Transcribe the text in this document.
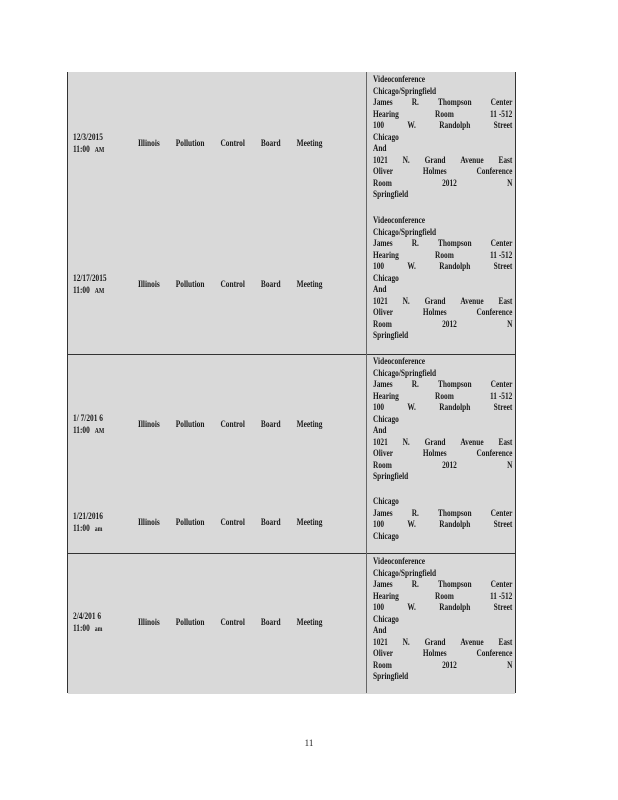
12/3/2015
11:00 AM
Illinois Pollution Control Board Meeting
Videoconference
Chicago/Springfield
James R. Thompson Center
Hearing	Room	11 -512
100	W.	Randolph	Street
Chicago
And
1021 N. Grand Avenue East
Oliver	Holmes	Conference
Room	2012	N
Springfield
12/17/2015
11:00 AM
Illinois Pollution Control Board Meeting
Videoconference
Chicago/Springfield
James R. Thompson Center
Hearing	Room	11 -512
100	W.	Randolph	Street
Chicago
And
1021 N. Grand Avenue East
Oliver	Holmes	Conference
Room	2012	N
Springfield
1/ 7/201 6
11:00 AM
Illinois Pollution Control Board Meeting
Videoconference
Chicago/Springfield
James R. Thompson Center
Hearing	Room	11 -512
100	W.	Randolph	Street
Chicago
And
1021 N. Grand Avenue East
Oliver	Holmes	Conference
Room	2012	N
Springfield
1/21/2016
11:00 am
Illinois Pollution Control Board Meeting
Chicago
James R. Thompson Center
100	W.	Randolph	Street
Chicago
2/4/201 6
11:00 am
Illinois Pollution Control Board Meeting
Videoconference
Chicago/Springfield
James R. Thompson Center
Hearing	Room	11 -512
100	W.	Randolph	Street
Chicago
And
1021 N. Grand Avenue East
Oliver	Holmes	Conference
Room	2012	N
Springfield
11
